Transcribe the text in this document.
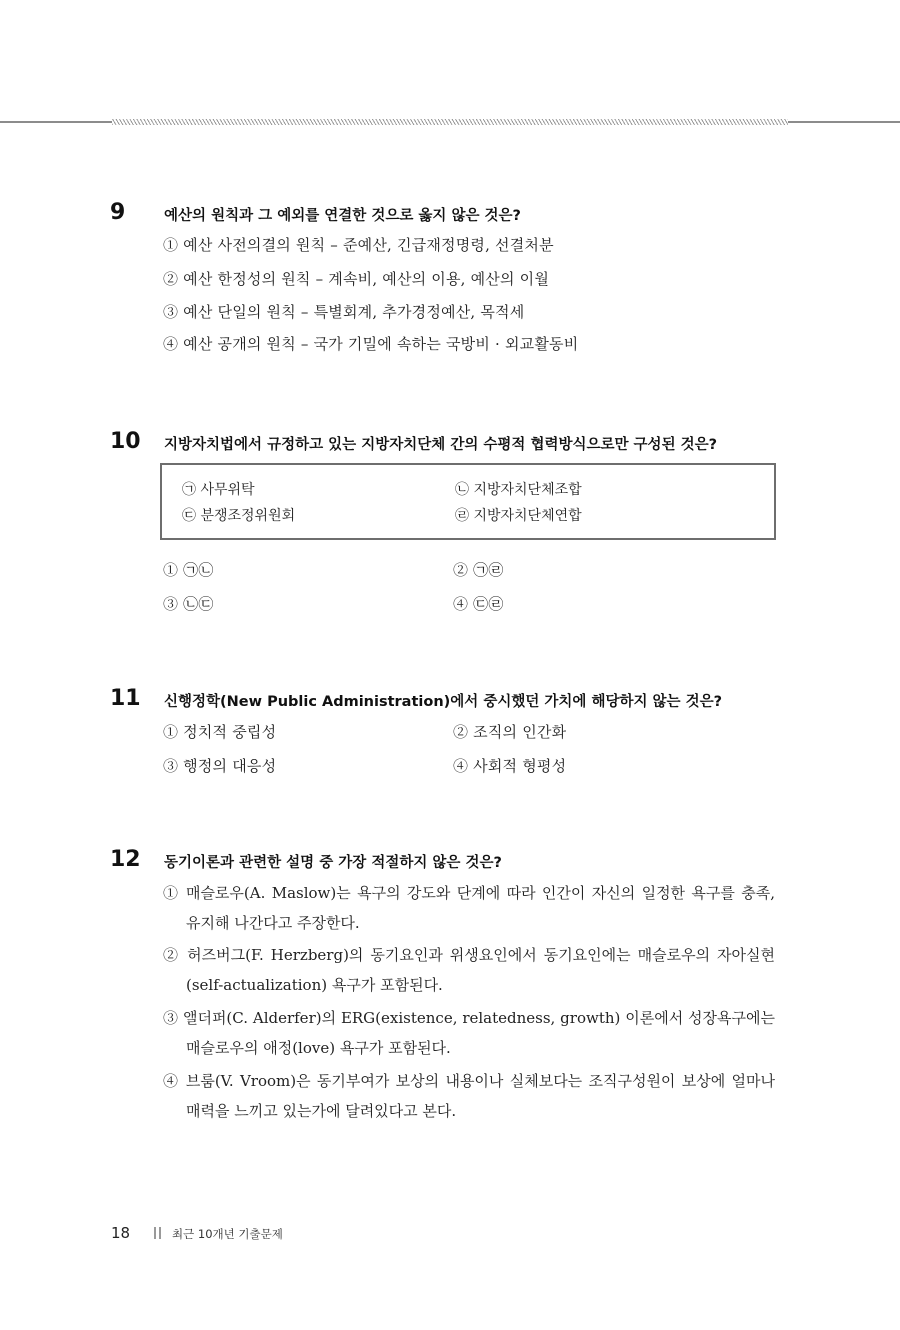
9	예산의 원칙과 그 예외를 연결한 것으로 옳지 않은 것은?
① 예산 사전의결의 원칙 – 준예산, 긴급재정명령, 선결처분
② 예산 한정성의 원칙 – 계속비, 예산의 이용, 예산의 이월
③ 예산 단일의 원칙 – 특별회계, 추가경정예산, 목적세
④ 예산 공개의 원칙 – 국가 기밀에 속하는 국방비 · 외교활동비
10	지방자치법에서 규정하고 있는 지방자치단체 간의 수평적 협력방식으로만 구성된 것은?
㉠ 사무위탁	㉡ 지방자치단체조합
㉢ 분쟁조정위원회	㉣ 지방자치단체연합
① ㉠㉡	② ㉠㉣
③ ㉡㉢	④ ㉢㉣
11	신행정학(New Public Administration)에서 중시했던 가치에 해당하지 않는 것은?
① 정치적 중립성	② 조직의 인간화
③ 행정의 대응성	④ 사회적 형평성
12	동기이론과 관련한 설명 중 가장 적절하지 않은 것은?
① 매슬로우(A. Maslow)는 욕구의 강도와 단계에 따라 인간이 자신의 일정한 욕구를 충족, 유지해 나간다고 주장한다.
② 허즈버그(F. Herzberg)의 동기요인과 위생요인에서 동기요인에는 매슬로우의 자아실현(self-actualization) 욕구가 포함된다.
③ 앨더퍼(C. Alderfer)의 ERG(existence, relatedness, growth) 이론에서 성장욕구에는 매슬로우의 애정(love) 욕구가 포함된다.
④ 브룸(V. Vroom)은 동기부여가 보상의 내용이나 실체보다는 조직구성원이 보상에 얼마나 매력을 느끼고 있는가에 달려있다고 본다.
18	최근 10개년 기출문제
